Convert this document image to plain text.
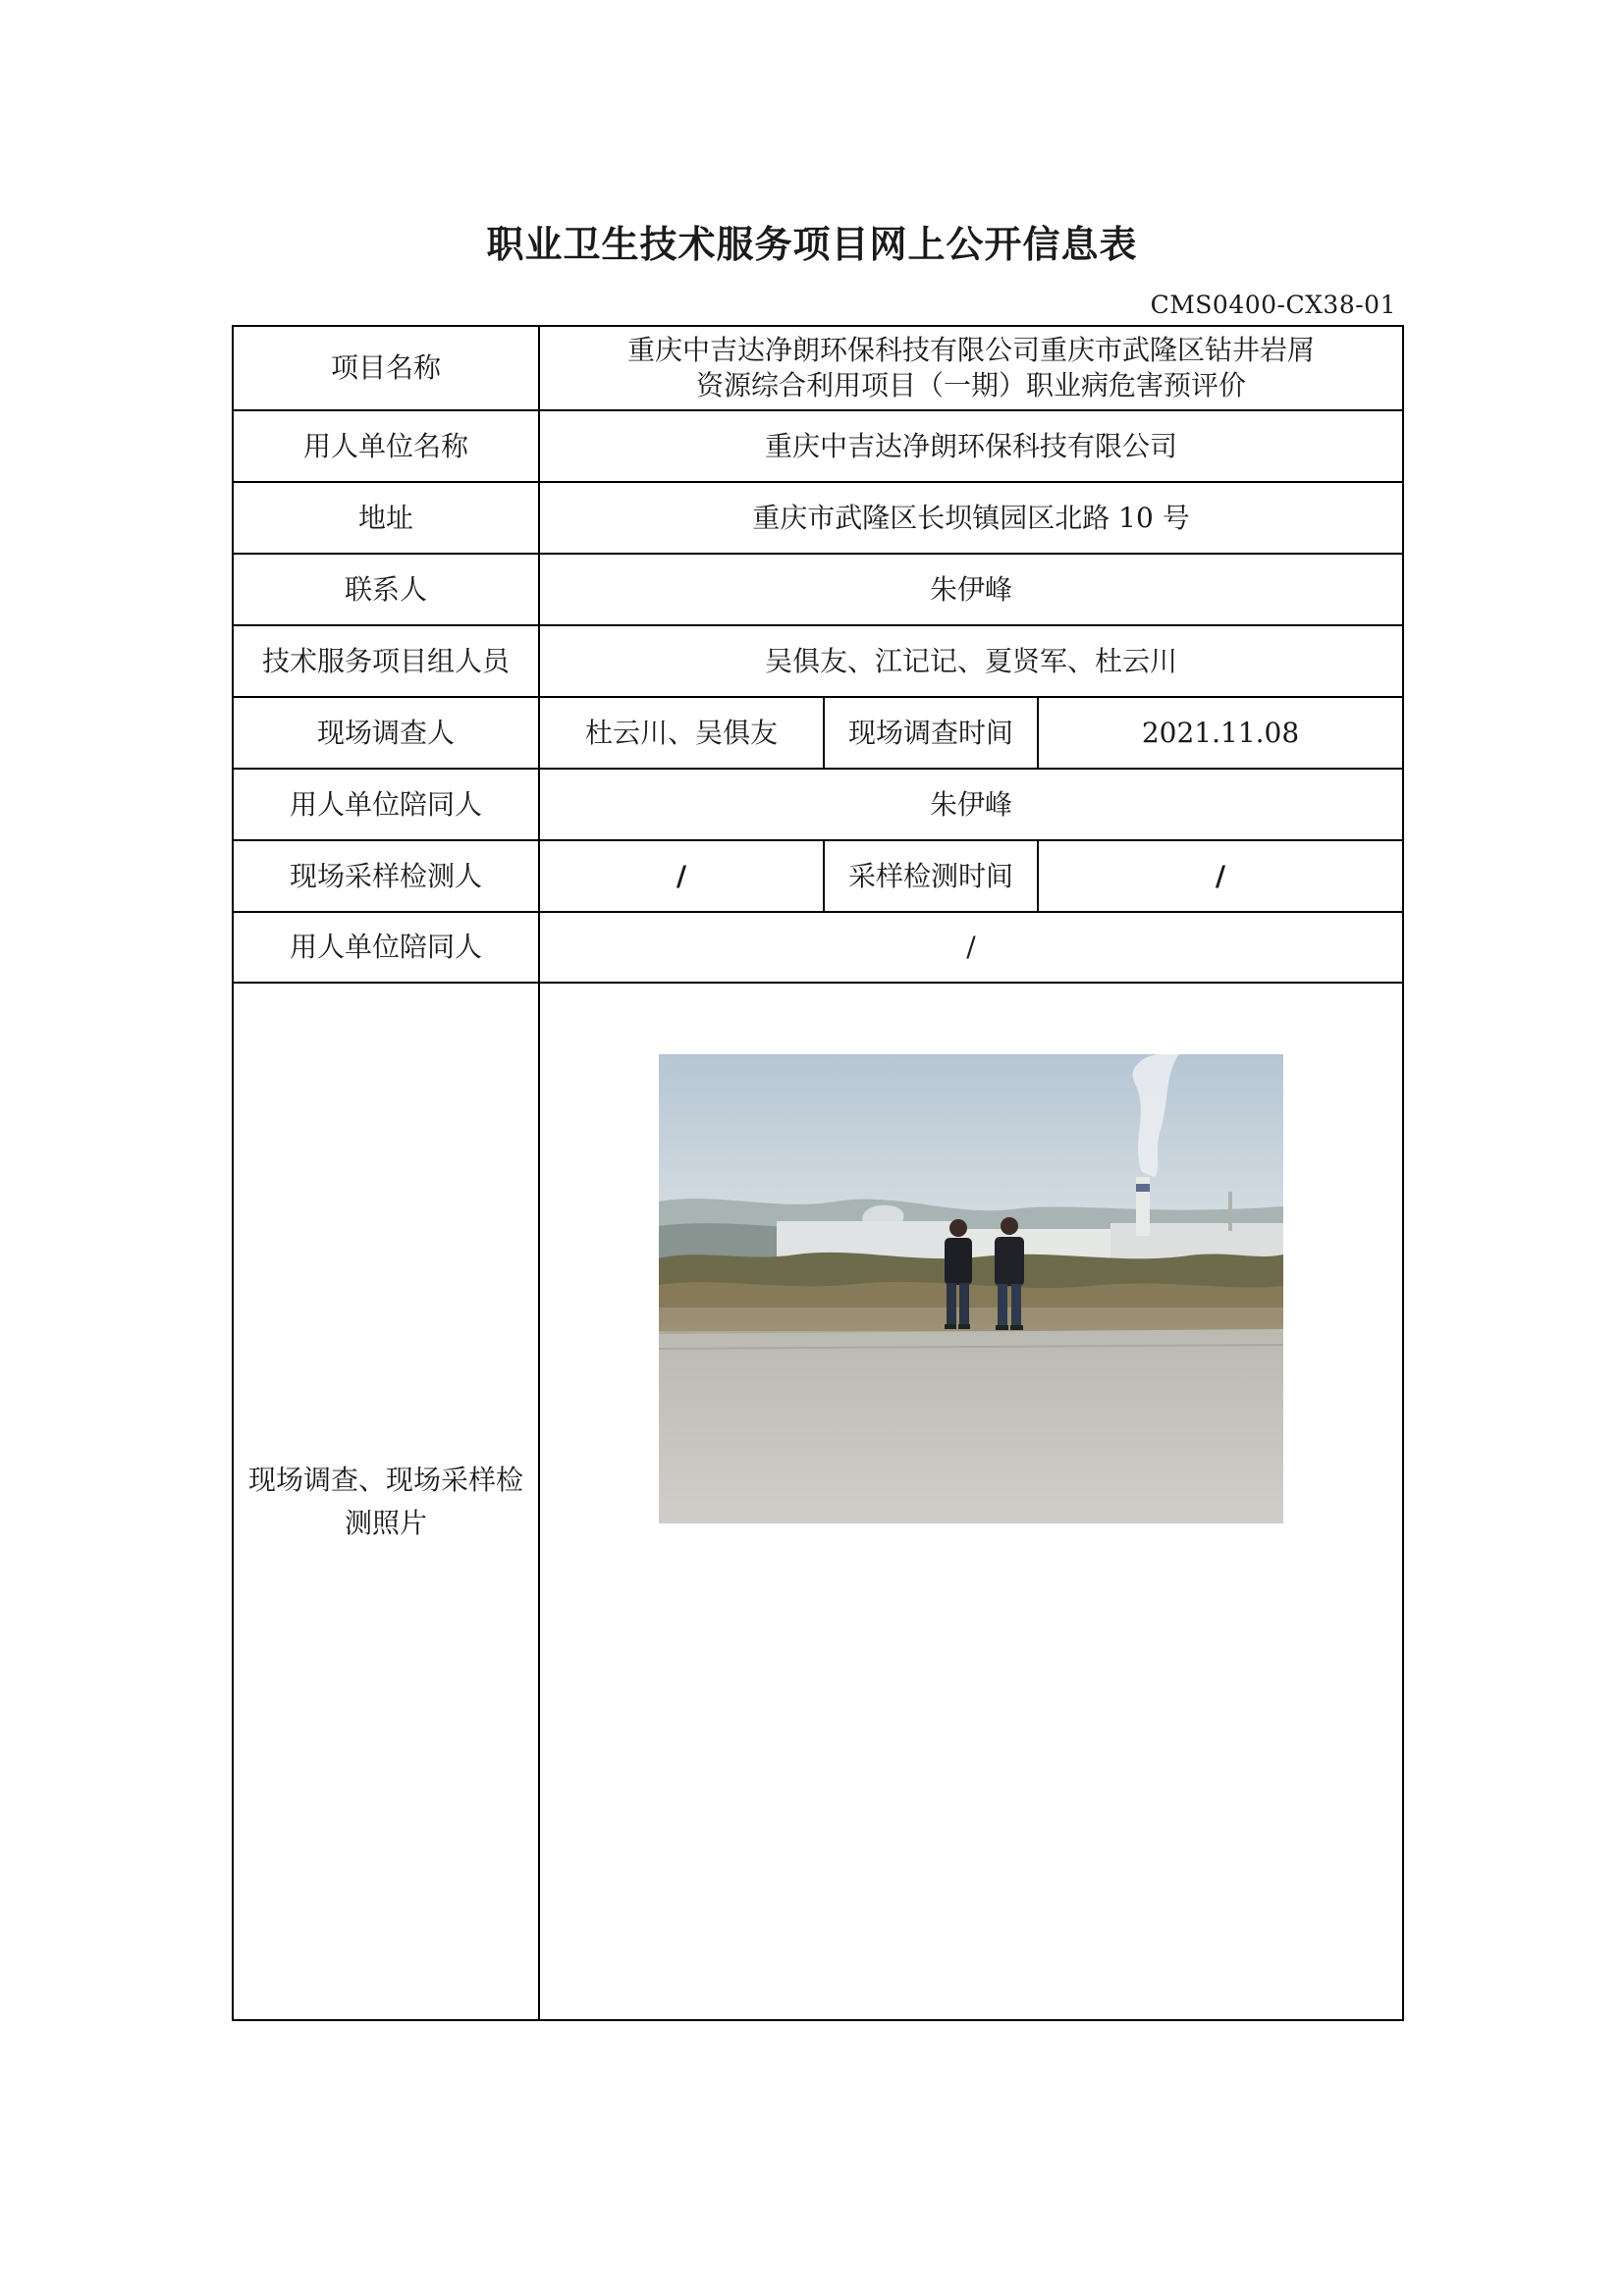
职业卫生技术服务项目网上公开信息表
CMS0400-CX38-01
项目名称	重庆中吉达净朗环保科技有限公司重庆市武隆区钻井岩屑
资源综合利用项目（一期）职业病危害预评价		

用人单位名称	重庆中吉达净朗环保科技有限公司		
地址	重庆市武隆区长坝镇园区北路 10 号		
联系人	朱伊峰		
技术服务项目组人员	吴俱友、江记记、夏贤军、杜云川		
现场调查人	杜云川、吴俱友	现场调查时间	2021.11.08
用人单位陪同人	朱伊峰		
现场采样检测人	/	采样检测时间	/
用人单位陪同人	/		

现场调查、现场采样检
测照片
